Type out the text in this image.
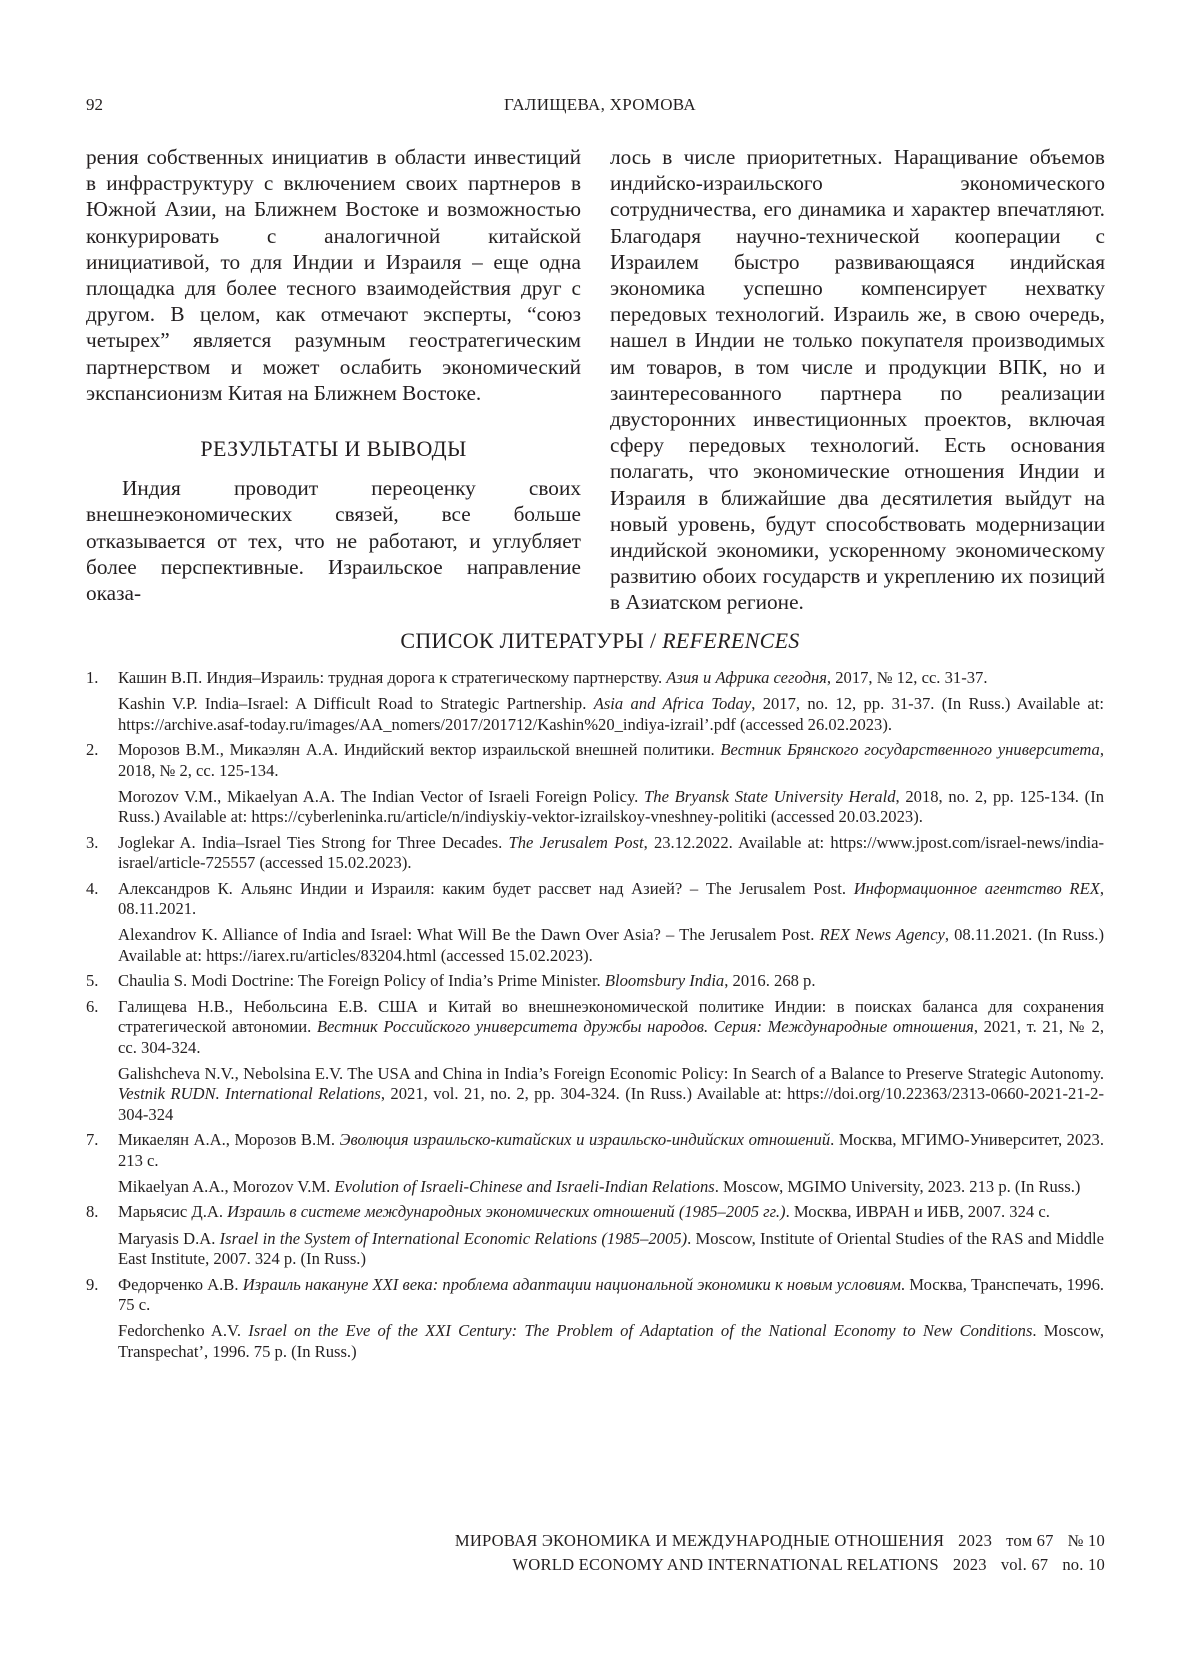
92	ГАЛИЩЕВА, ХРОМОВА

рения собственных инициатив в области инвестиций в инфраструктуру с включением своих партнеров в Южной Азии, на Ближнем Востоке и возможностью конкурировать с аналогичной китайской инициативой, то для Индии и Израиля – еще одна площадка для более тесного взаимодействия друг с другом. В целом, как отмечают эксперты, “союз четырех” является разумным геостратегическим партнерством и может ослабить экономический экспансионизм Китая на Ближнем Востоке.

РЕЗУЛЬТАТЫ И ВЫВОДЫ

Индия проводит переоценку своих внешнеэкономических связей, все больше отказывается от тех, что не работают, и углубляет более перспективные. Израильское направление оказа-

лось в числе приоритетных. Наращивание объемов индийско-израильского экономического сотрудничества, его динамика и характер впечатляют. Благодаря научно-технической кооперации с Израилем быстро развивающаяся индийская экономика успешно компенсирует нехватку передовых технологий. Израиль же, в свою очередь, нашел в Индии не только покупателя производимых им товаров, в том числе и продукции ВПК, но и заинтересованного партнера по реализации двусторонних инвестиционных проектов, включая сферу передовых технологий. Есть основания полагать, что экономические отношения Индии и Израиля в ближайшие два десятилетия выйдут на новый уровень, будут способствовать модернизации индийской экономики, ускоренному экономическому развитию обоих государств и укреплению их позиций в Азиатском регионе.

СПИСОК ЛИТЕРАТУРЫ / REFERENCES
1. Кашин В.П. Индия–Израиль: трудная дорога к стратегическому партнерству. Азия и Африка сегодня, 2017, № 12, сс. 31-37.

Kashin V.P. India–Israel: A Difficult Road to Strategic Partnership. Asia and Africa Today, 2017, no. 12, pp. 31-37. (In Russ.) Available at: https://archive.asaf-today.ru/images/AA_nomers/2017/201712/Kashin%20_indiya-izrail’.pdf (accessed 26.02.2023).

2. Морозов В.М., Микаэлян А.А. Индийский вектор израильской внешней политики. Вестник Брянского государственного университета, 2018, № 2, сс. 125-134.

Morozov V.M., Mikaelyan A.A. The Indian Vector of Israeli Foreign Policy. The Bryansk State University Herald, 2018, no. 2, pp. 125-134. (In Russ.) Available at: https://cyberleninka.ru/article/n/indiyskiy-vektor-izrailskoy-vneshney-politiki (accessed 20.03.2023).

3. Joglekar A. India–Israel Ties Strong for Three Decades. The Jerusalem Post, 23.12.2022. Available at: https://www.jpost.com/israel-news/india-israel/article-725557 (accessed 15.02.2023).

4. Александров К. Альянс Индии и Израиля: каким будет рассвет над Азией? – The Jerusalem Post. Информационное агентство REX, 08.11.2021.

Alexandrov K. Alliance of India and Israel: What Will Be the Dawn Over Asia? – The Jerusalem Post. REX News Agency, 08.11.2021. (In Russ.) Available at: https://iarex.ru/articles/83204.html (accessed 15.02.2023).

5. Chaulia S. Modi Doctrine: The Foreign Policy of India’s Prime Minister. Bloomsbury India, 2016. 268 p.

6. Галищева Н.В., Небольсина Е.В. США и Китай во внешнеэкономической политике Индии: в поисках баланса для сохранения стратегической автономии. Вестник Российского университета дружбы народов. Серия: Международные отношения, 2021, т. 21, № 2, сс. 304-324.

Galishcheva N.V., Nebolsina E.V. The USA and China in India’s Foreign Economic Policy: In Search of a Balance to Preserve Strategic Autonomy. Vestnik RUDN. International Relations, 2021, vol. 21, no. 2, pp. 304-324. (In Russ.) Available at: https://doi.org/10.22363/2313-0660-2021-21-2-304-324

7. Микаелян А.А., Морозов В.М. Эволюция израильско-китайских и израильско-индийских отношений. Москва, МГИМО-Университет, 2023. 213 с.

Mikaelyan A.A., Morozov V.M. Evolution of Israeli-Chinese and Israeli-Indian Relations. Moscow, MGIMO University, 2023. 213 p. (In Russ.)

8. Марьясис Д.А. Израиль в системе международных экономических отношений (1985–2005 гг.). Москва, ИВРАН и ИБВ, 2007. 324 с.

Maryasis D.A. Israel in the System of International Economic Relations (1985–2005). Moscow, Institute of Oriental Studies of the RAS and Middle East Institute, 2007. 324 p. (In Russ.)

9. Федорченко А.В. Израиль накануне XXI века: проблема адаптации национальной экономики к новым условиям. Москва, Транспечать, 1996. 75 с.

Fedorchenko A.V. Israel on the Eve of the XXI Century: The Problem of Adaptation of the National Economy to New Conditions. Moscow, Transpechat’, 1996. 75 p. (In Russ.)

МИРОВАЯ ЭКОНОМИКА И МЕЖДУНАРОДНЫЕ ОТНОШЕНИЯ 2023 том 67 № 10
WORLD ECONOMY AND INTERNATIONAL RELATIONS 2023 vol. 67 no. 10
